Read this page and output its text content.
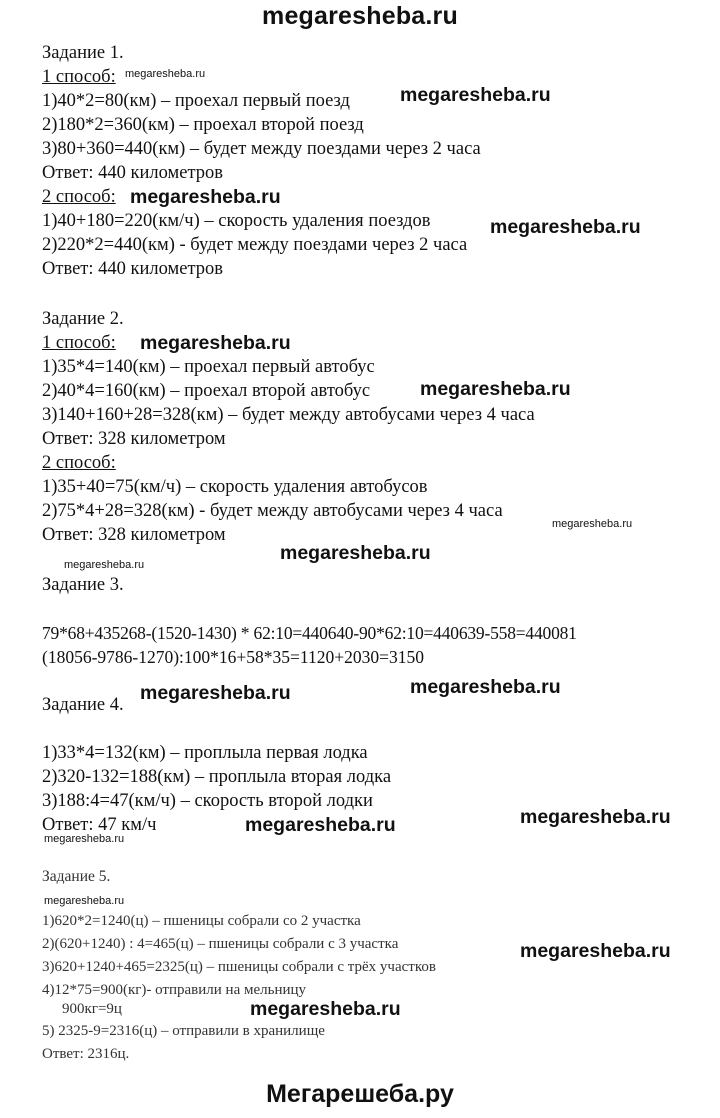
megaresheba.ru
Мегарешеба.ру
Задание 1.
1 способ:
1)40*2=80(км) – проехал первый поезд
2)180*2=360(км) – проехал второй поезд
3)80+360=440(км) – будет между поездами через 2 часа
Ответ: 440 километров
2 способ:
1)40+180=220(км/ч) – скорость удаления поездов
2)220*2=440(км) - будет между поездами через 2 часа
Ответ: 440 километров
Задание 2.
1 способ:
1)35*4=140(км) – проехал первый автобус
2)40*4=160(км) – проехал второй автобус
3)140+160+28=328(км) – будет между автобусами через 4 часа
Ответ: 328 километром
2 способ:
1)35+40=75(км/ч) – скорость удаления автобусов
2)75*4+28=328(км) - будет между автобусами через 4 часа
Ответ: 328 километром
Задание 3.
79*68+435268-(1520-1430) * 62:10=440640-90*62:10=440639-558=440081
(18056-9786-1270):100*16+58*35=1120+2030=3150
Задание 4.
1)33*4=132(км) – проплыла первая лодка
2)320-132=188(км) – проплыла вторая лодка
3)188:4=47(км/ч) – скорость второй лодки
Ответ: 47 км/ч
Задание 5.
1)620*2=1240(ц) – пшеницы собрали со 2 участка
2)(620+1240) : 4=465(ц) – пшеницы собрали с 3 участка
3)620+1240+465=2325(ц) – пшеницы собрали с трёх участков
4)12*75=900(кг)- отправили на мельницу
900кг=9ц
5) 2325-9=2316(ц) – отправили в хранилище
Ответ: 2316ц.
megaresheba.ru
megaresheba.ru
megaresheba.ru
megaresheba.ru
megaresheba.ru
megaresheba.ru
megaresheba.ru	megaresheba.ru
megaresheba.ru	megaresheba.ru
megaresheba.ru
megaresheba.ru
megaresheba.ru
megaresheba.ru
megaresheba.ru
megaresheba.ru
megaresheba.ru
